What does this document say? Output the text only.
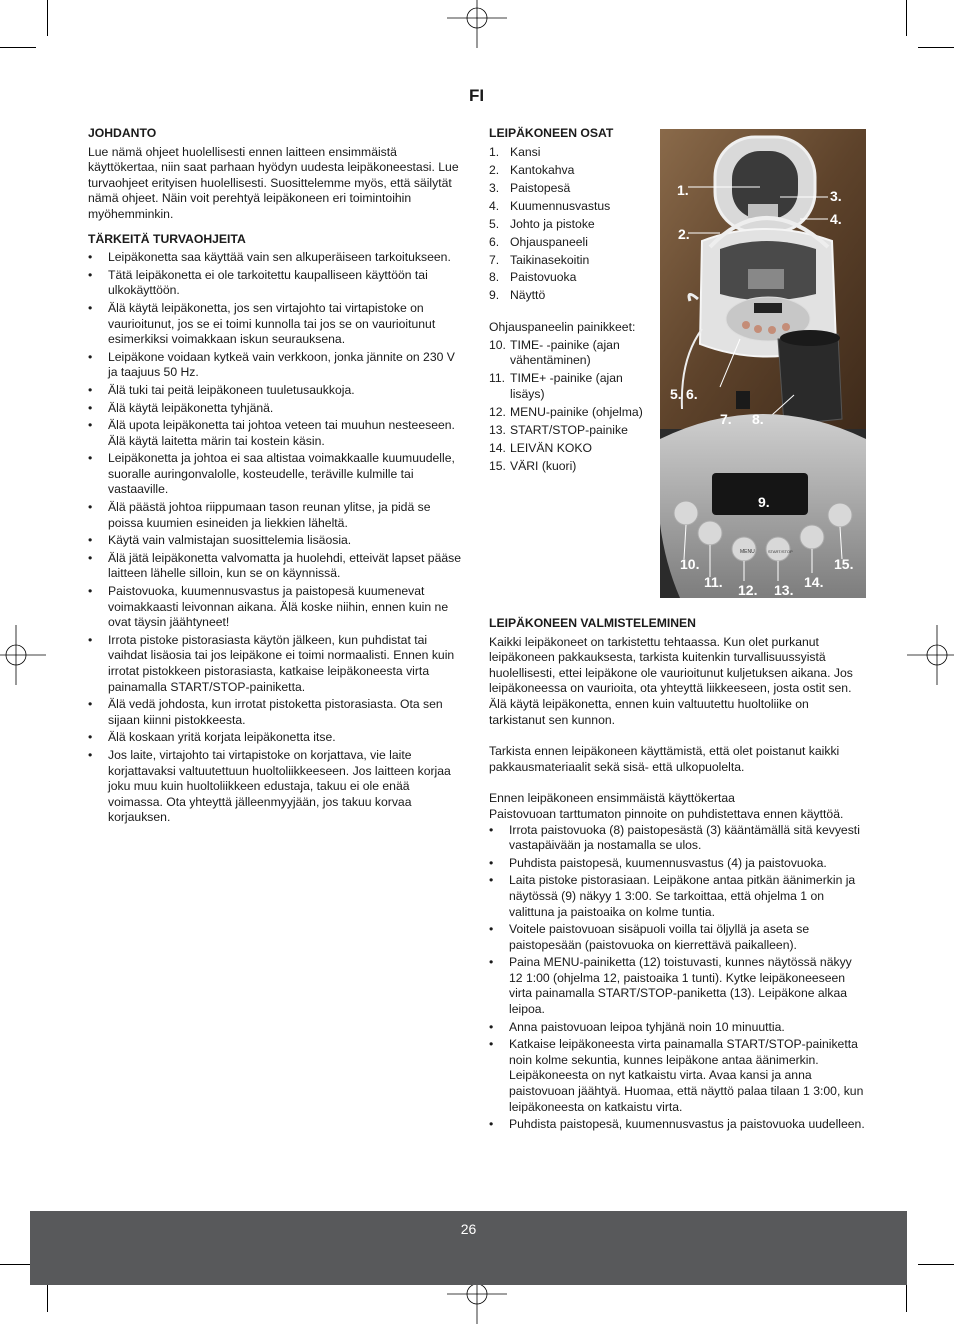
FI
JOHDANTO

Lue nämä ohjeet huolellisesti ennen laitteen ensimmäistä käyttökertaa, niin saat parhaan hyödyn uudesta leipäkoneestasi. Lue turvaohjeet erityisen huolellisesti. Suosittelemme myös, että säilytät nämä ohjeet. Näin voit perehtyä leipäkoneen eri toimintoihin myöhemminkin.

TÄRKEITÄ TURVAOHJEITA
• Leipäkonetta saa käyttää vain sen alkuperäiseen tarkoitukseen.
• Tätä leipäkonetta ei ole tarkoitettu kaupalliseen käyttöön tai ulkokäyttöön.
• Älä käytä leipäkonetta, jos sen virtajohto tai virtapistoke on vaurioitunut, jos se ei toimi kunnolla tai jos se on vaurioitunut esimerkiksi voimakkaan iskun seurauksena.
• Leipäkone voidaan kytkeä vain verkkoon, jonka jännite on 230 V ja taajuus 50 Hz.
• Älä tuki tai peitä leipäkoneen tuuletusaukkoja.
• Älä käytä leipäkonetta tyhjänä.
• Älä upota leipäkonetta tai johtoa veteen tai muuhun nesteeseen. Älä käytä laitetta märin tai kostein käsin.
• Leipäkonetta ja johtoa ei saa altistaa voimakkaalle kuumuudelle, suoralle auringonvalolle, kosteudelle, teräville kulmille tai vastaaville.
• Älä päästä johtoa riippumaan tason reunan ylitse, ja pidä se poissa kuumien esineiden ja liekkien läheltä.
• Käytä vain valmistajan suosittelemia lisäosia.
• Älä jätä leipäkonetta valvomatta ja huolehdi, etteivät lapset pääse laitteen lähelle silloin, kun se on käynnissä.
• Paistovuoka, kuumennusvastus ja paistopesä kuumenevat voimakkaasti leivonnan aikana. Älä koske niihin, ennen kuin ne ovat täysin jäähtyneet!
• Irrota pistoke pistorasiasta käytön jälkeen, kun puhdistat tai vaihdat lisäosia tai jos leipäkone ei toimi normaalisti. Ennen kuin irrotat pistokkeen pistorasiasta, katkaise leipäkoneesta virta painamalla START/STOP-painiketta.
• Älä vedä johdosta, kun irrotat pistoketta pistorasiasta. Ota sen sijaan kiinni pistokkeesta.
• Älä koskaan yritä korjata leipäkonetta itse.
• Jos laite, virtajohto tai virtapistoke on korjattava, vie laite korjattavaksi valtuutettuun huoltoliikkeeseen. Jos laitteen korjaa joku muu kuin huoltoliikkeen edustaja, takuu ei ole enää voimassa. Ota yhteyttä jälleenmyyjään, jos takuu korvaa korjauksen.
LEIPÄKONEEN OSAT
1. Kansi
2. Kantokahva
3. Paistopesä
4. Kuumennusvastus
5. Johto ja pistoke
6. Ohjauspaneeli
7. Taikinasekoitin
8. Paistovuoka
9. Näyttö

Ohjauspaneelin painikkeet:

10. TIME- -painike (ajan vähentäminen)
11. TIME+ -painike (ajan lisäys)
12. MENU-painike (ohjelma)
13. START/STOP-painike
14. LEIVÄN KOKO
15. VÄRI (kuori)
MENU	START/STOP
1.
2.
3.
4.
5. 6.
7. 8.
9.
10.
11. 12. 13. 14.
15.
LEIPÄKONEEN VALMISTELEMINEN

Kaikki leipäkoneet on tarkistettu tehtaassa. Kun olet purkanut leipäkoneen pakkauksesta, tarkista kuitenkin turvallisuussyistä huolellisesti, ettei leipäkone ole vaurioitunut kuljetuksen aikana. Jos leipäkoneessa on vaurioita, ota yhteyttä liikkeeseen, josta ostit sen. Älä käytä leipäkonetta, ennen kuin valtuutettu huoltoliike on tarkistanut sen kunnon.

Tarkista ennen leipäkoneen käyttämistä, että olet poistanut kaikki pakkausmateriaalit sekä sisä- että ulkopuolelta.

Ennen leipäkoneen ensimmäistä käyttökertaa

Paistovuoan tarttumaton pinnoite on puhdistettava ennen käyttöä.

• Irrota paistovuoka (8) paistopesästä (3) kääntämällä sitä kevyesti vastapäivään ja nostamalla se ulos.
• Puhdista paistopesä, kuumennusvastus (4) ja paistovuoka.
• Laita pistoke pistorasiaan. Leipäkone antaa pitkän äänimerkin ja näytössä (9) näkyy 1 3:00. Se tarkoittaa, että ohjelma 1 on valittuna ja paistoaika on kolme tuntia.
• Voitele paistovuoan sisäpuoli voilla tai öljyllä ja aseta se paistopesään (paistovuoka on kierrettävä paikalleen).
• Paina MENU-painiketta (12) toistuvasti, kunnes näytössä näkyy 12 1:00 (ohjelma 12, paistoaika 1 tunti). Kytke leipäkoneeseen virta painamalla START/STOP-paniketta (13). Leipäkone alkaa leipoa.
• Anna paistovuoan leipoa tyhjänä noin 10 minuuttia.
• Katkaise leipäkoneesta virta painamalla START/STOP-painiketta noin kolme sekuntia, kunnes leipäkone antaa äänimerkin. Leipäkoneesta on nyt katkaistu virta. Avaa kansi ja anna paistovuoan jäähtyä. Huomaa, että näyttö palaa tilaan 1 3:00, kun leipäkoneesta on katkaistu virta.
• Puhdista paistopesä, kuumennusvastus ja paistovuoka uudelleen.
26
